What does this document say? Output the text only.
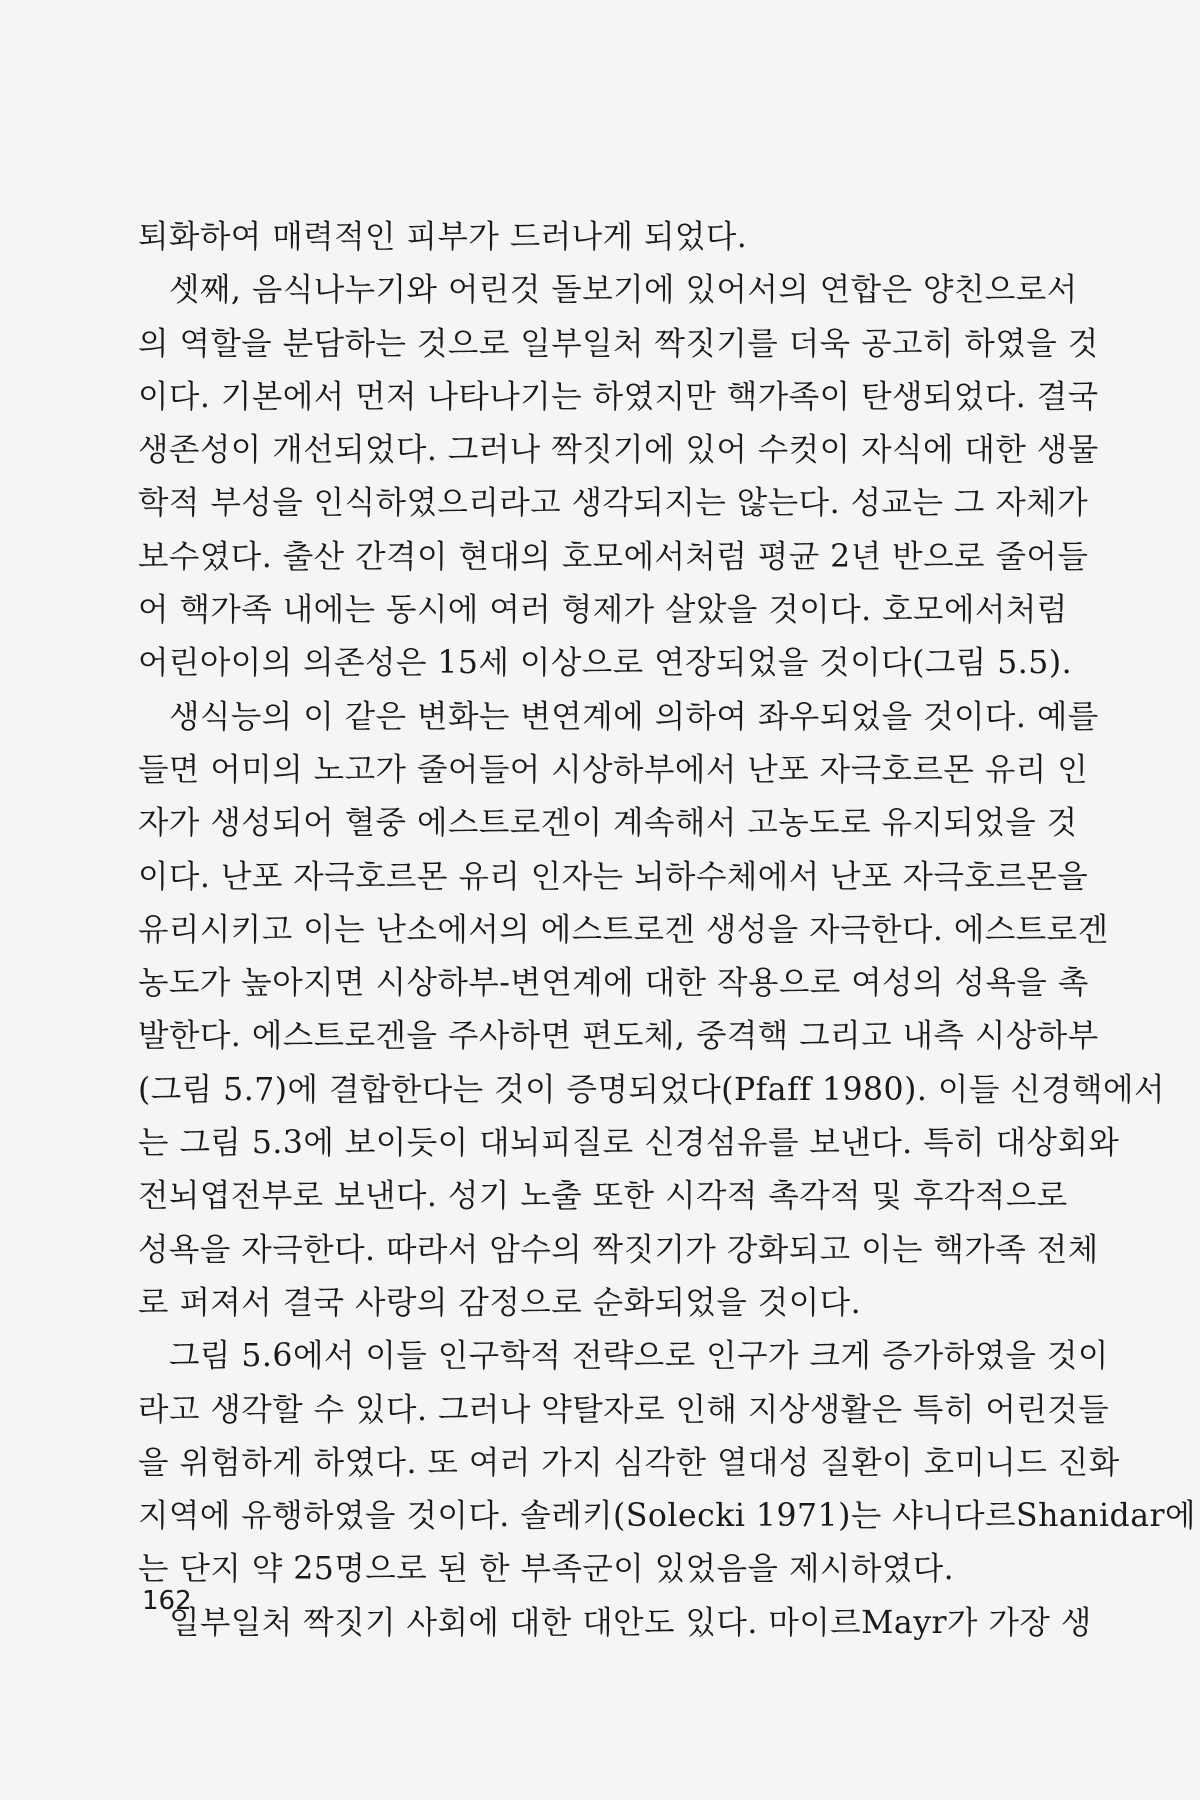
퇴화하여 매력적인 피부가 드러나게 되었다.
셋째, 음식나누기와 어린것 돌보기에 있어서의 연합은 양친으로서
의 역할을 분담하는 것으로 일부일처 짝짓기를 더욱 공고히 하였을 것
이다. 기본에서 먼저 나타나기는 하였지만 핵가족이 탄생되었다. 결국
생존성이 개선되었다. 그러나 짝짓기에 있어 수컷이 자식에 대한 생물
학적 부성을 인식하였으리라고 생각되지는 않는다. 성교는 그 자체가
보수였다. 출산 간격이 현대의 호모에서처럼 평균 2년 반으로 줄어들
어 핵가족 내에는 동시에 여러 형제가 살았을 것이다. 호모에서처럼
어린아이의 의존성은 15세 이상으로 연장되었을 것이다(그림 5.5).
생식능의 이 같은 변화는 변연계에 의하여 좌우되었을 것이다. 예를
들면 어미의 노고가 줄어들어 시상하부에서 난포 자극호르몬 유리 인
자가 생성되어 혈중 에스트로겐이 계속해서 고농도로 유지되었을 것
이다. 난포 자극호르몬 유리 인자는 뇌하수체에서 난포 자극호르몬을
유리시키고 이는 난소에서의 에스트로겐 생성을 자극한다. 에스트로겐
농도가 높아지면 시상하부-변연계에 대한 작용으로 여성의 성욕을 촉
발한다. 에스트로겐을 주사하면 편도체, 중격핵 그리고 내측 시상하부
(그림 5.7)에 결합한다는 것이 증명되었다(Pfaff 1980). 이들 신경핵에서
는 그림 5.3에 보이듯이 대뇌피질로 신경섬유를 보낸다. 특히 대상회와
전뇌엽전부로 보낸다. 성기 노출 또한 시각적 촉각적 및 후각적으로
성욕을 자극한다. 따라서 암수의 짝짓기가 강화되고 이는 핵가족 전체
로 퍼져서 결국 사랑의 감정으로 순화되었을 것이다.
그림 5.6에서 이들 인구학적 전략으로 인구가 크게 증가하였을 것이
라고 생각할 수 있다. 그러나 약탈자로 인해 지상생활은 특히 어린것들
을 위험하게 하였다. 또 여러 가지 심각한 열대성 질환이 호미니드 진화
지역에 유행하였을 것이다. 솔레키(Solecki 1971)는 샤니다르Shanidar에
는 단지 약 25명으로 된 한 부족군이 있었음을 제시하였다.
일부일처 짝짓기 사회에 대한 대안도 있다. 마이르Mayr가 가장 생
162
